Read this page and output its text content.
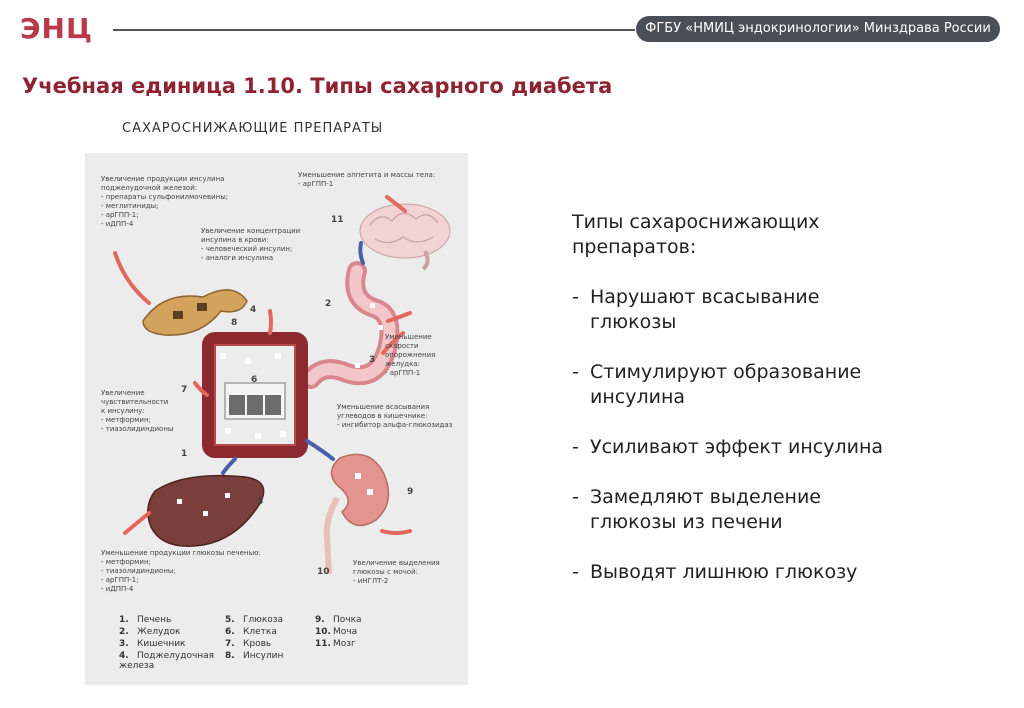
ЭНЦ	ФГБУ «НМИЦ эндокринологии» Минздрава России
Учебная единица 1.10. Типы сахарного диабета
САХАРОСНИЖАЮЩИЕ ПРЕПАРАТЫ
Увеличение продукции инсулина
поджелудочной железой:
- препараты сульфонилмочевины;
- меглитиниды;
- арГПП-1;
- иДПП-4
Уменьшение аппетита и массы тела:
- арГПП-1
Увеличение концентрации
инсулина в крови:
- человеческий инсулин;
- аналоги инсулина
Уменьшение
скорости
опорожнения
желудка:
- арГПП-1
Увеличение
чувствительности
к инсулину:
- метформин;
- тиазолидиндионы
Уменьшение всасывания
углеводов в кишечнике:
- ингибитор альфа-глюкозидаз
Уменьшение продукции глюкозы печенью:
- метформин;
- тиазолидиндионы;
- арГПП-1;
- иДПП-4
Увеличение выделения
глюкозы с мочой:
- иНГЛТ-2
1
2
3
4
5
6
7
8
9
10
11
1. Печень
2. Желудок
3. Кишечник
4. Поджелудочная
железа
5. Глюкоза
6. Клетка
7. Кровь
8. Инсулин
9. Почка
10. Моча
11. Мозг
Типы сахароснижающих
препаратов:
- Нарушают всасывание
глюкозы
- Стимулируют образование
инсулина
- Усиливают эффект инсулина
- Замедляют выделение
глюкозы из печени
- Выводят лишнюю глюкозу
